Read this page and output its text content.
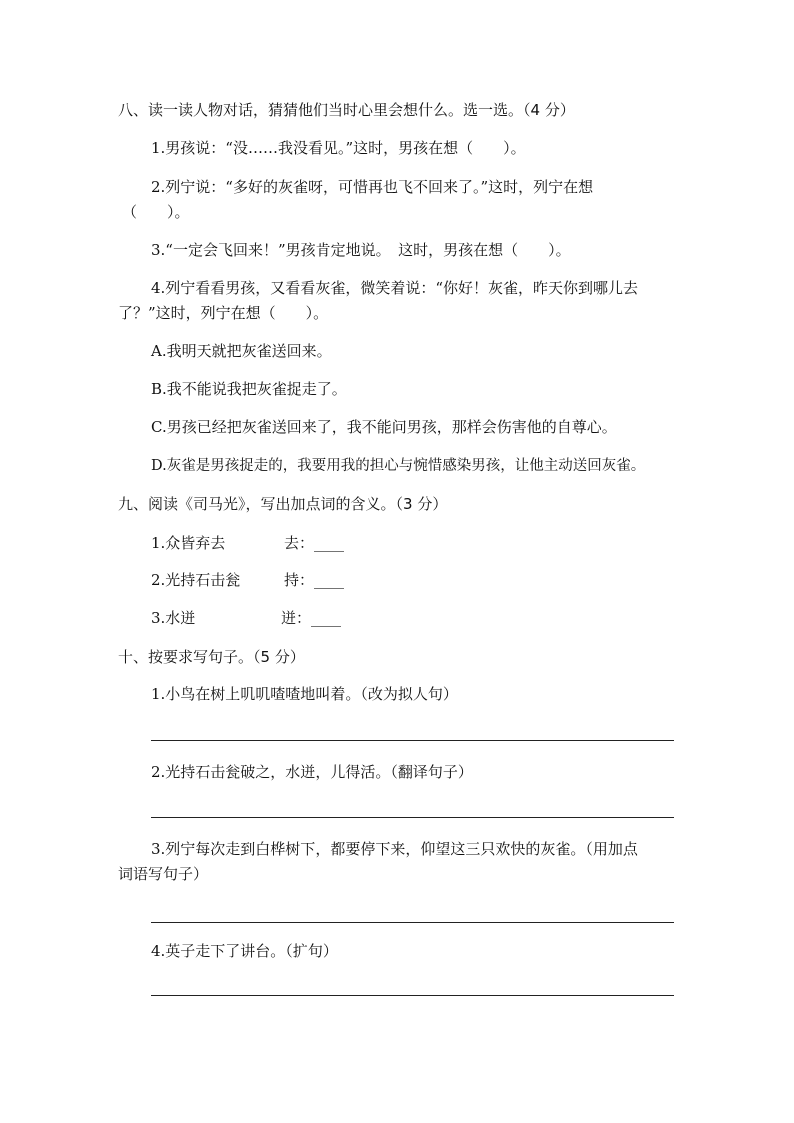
八、读一读人物对话，猜猜他们当时心里会想什么。选一选。（4 分）
1.男孩说：“没……我没看见。”这时，男孩在想（　　）。
2.列宁说：“多好的灰雀呀，可惜再也飞不回来了。”这时，列宁在想
（　　）。
3.“一定会飞回来！”男孩肯定地说。　这时，男孩在想（　　）。
4.列宁看看男孩，又看看灰雀，微笑着说：“你好！灰雀，昨天你到哪儿去
了？”这时，列宁在想（　　）。
A.我明天就把灰雀送回来。
B.我不能说我把灰雀捉走了。
C.男孩已经把灰雀送回来了，我不能问男孩，那样会伤害他的自尊心。
D.灰雀是男孩捉走的，我要用我的担心与惋惜感染男孩，让他主动送回灰雀。
九、阅读《司马光》，写出加点词的含义。（3 分）
1.众皆弃去	去：____
2.光持石击瓮	持：____
3.水迸	迸：____
十、按要求写句子。（5 分）
1.小鸟在树上叽叽喳喳地叫着。（改为拟人句）
2.光持石击瓮破之，水迸，儿得活。（翻译句子）
3.列宁每次走到白桦树下，都要停下来，仰望这三只欢快的灰雀。（用加点
词语写句子）
4.英子走下了讲台。（扩句）
